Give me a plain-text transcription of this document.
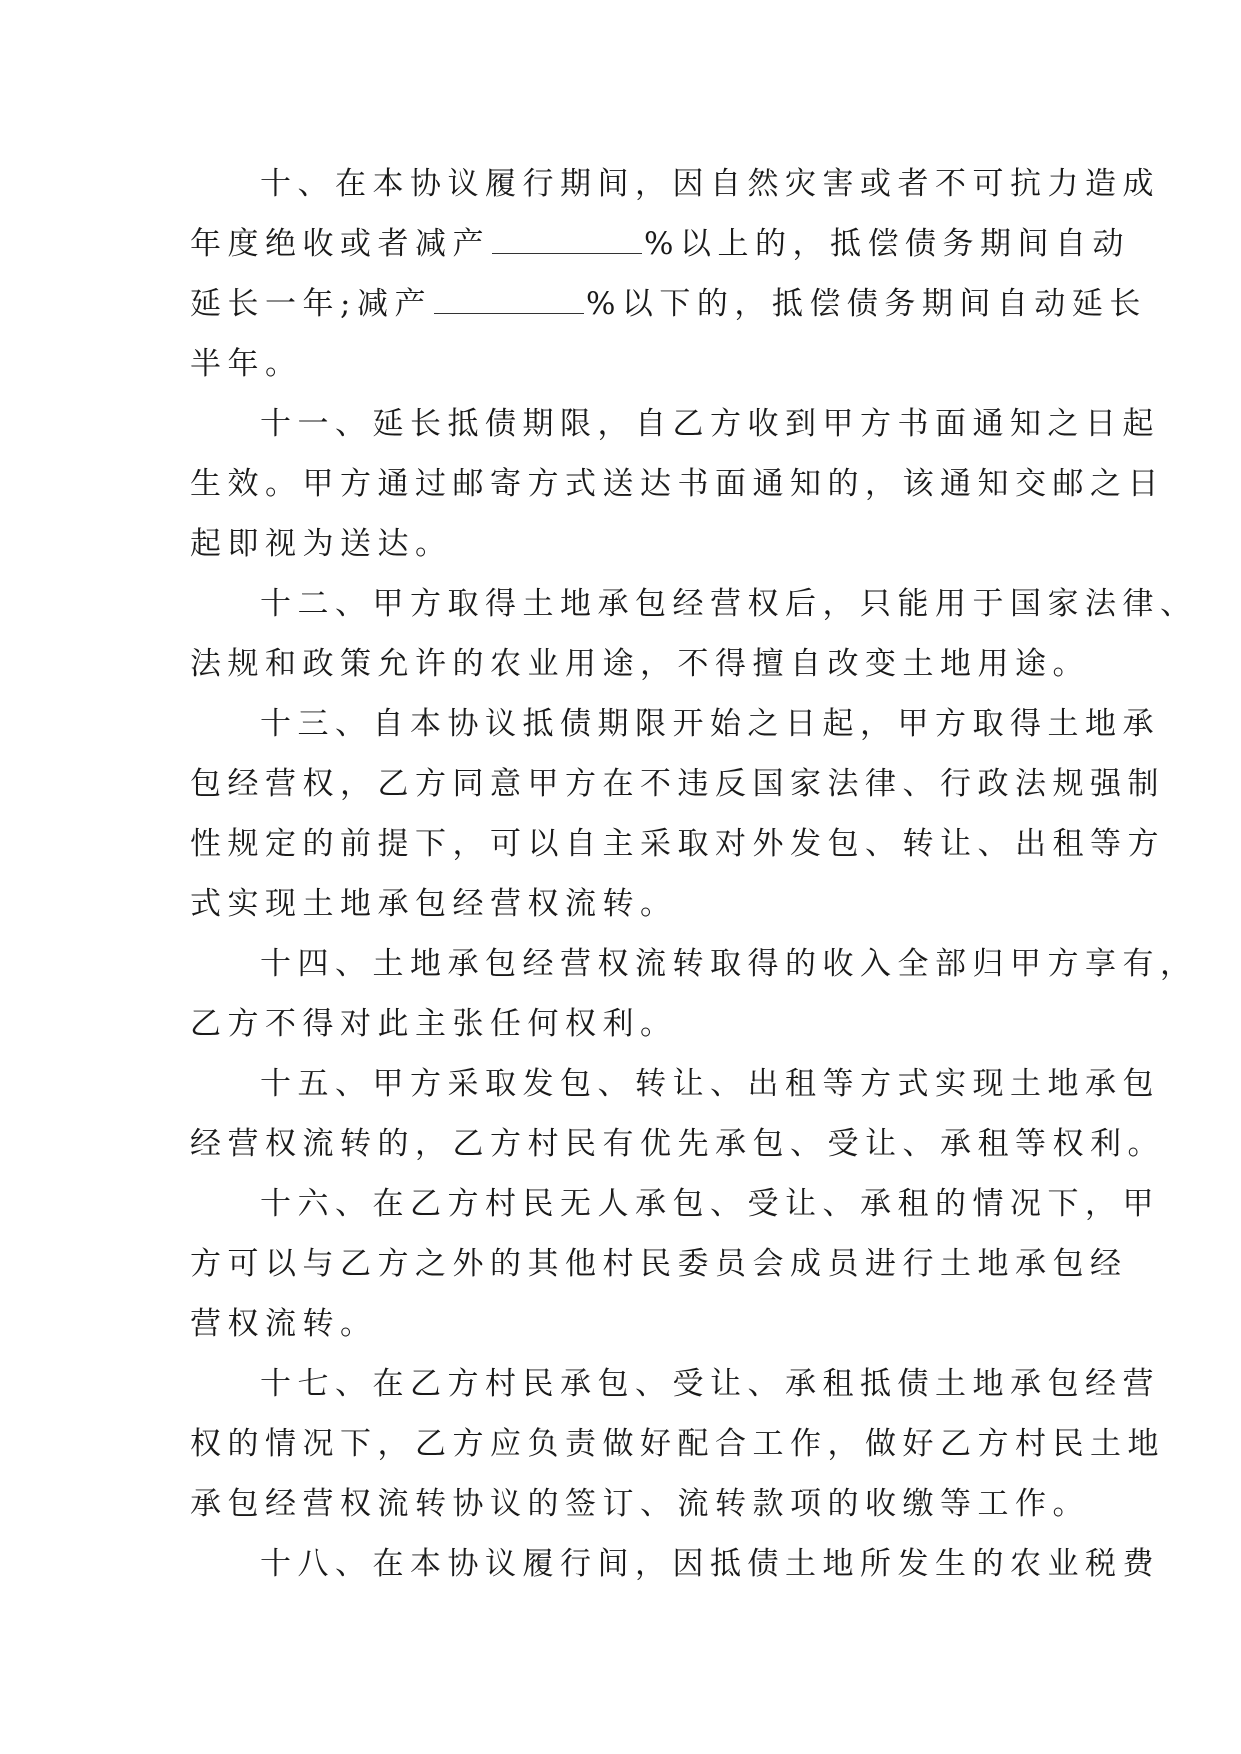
十、在本协议履行期间，因自然灾害或者不可抗力造成
年度绝收或者减产	%以上的，抵偿债务期间自动
延长一年;减产	%以下的，抵偿债务期间自动延长
半年。
十一、延长抵债期限，自乙方收到甲方书面通知之日起
生效。甲方通过邮寄方式送达书面通知的，该通知交邮之日
起即视为送达。
十二、甲方取得土地承包经营权后，只能用于国家法律、
法规和政策允许的农业用途，不得擅自改变土地用途。
十三、自本协议抵债期限开始之日起，甲方取得土地承
包经营权，乙方同意甲方在不违反国家法律、行政法规强制
性规定的前提下，可以自主采取对外发包、转让、出租等方
式实现土地承包经营权流转。
十四、土地承包经营权流转取得的收入全部归甲方享有，
乙方不得对此主张任何权利。
十五、甲方采取发包、转让、出租等方式实现土地承包
经营权流转的，乙方村民有优先承包、受让、承租等权利。
十六、在乙方村民无人承包、受让、承租的情况下，甲
方可以与乙方之外的其他村民委员会成员进行土地承包经
营权流转。
十七、在乙方村民承包、受让、承租抵债土地承包经营
权的情况下，乙方应负责做好配合工作，做好乙方村民土地
承包经营权流转协议的签订、流转款项的收缴等工作。
十八、在本协议履行间，因抵债土地所发生的农业税费
